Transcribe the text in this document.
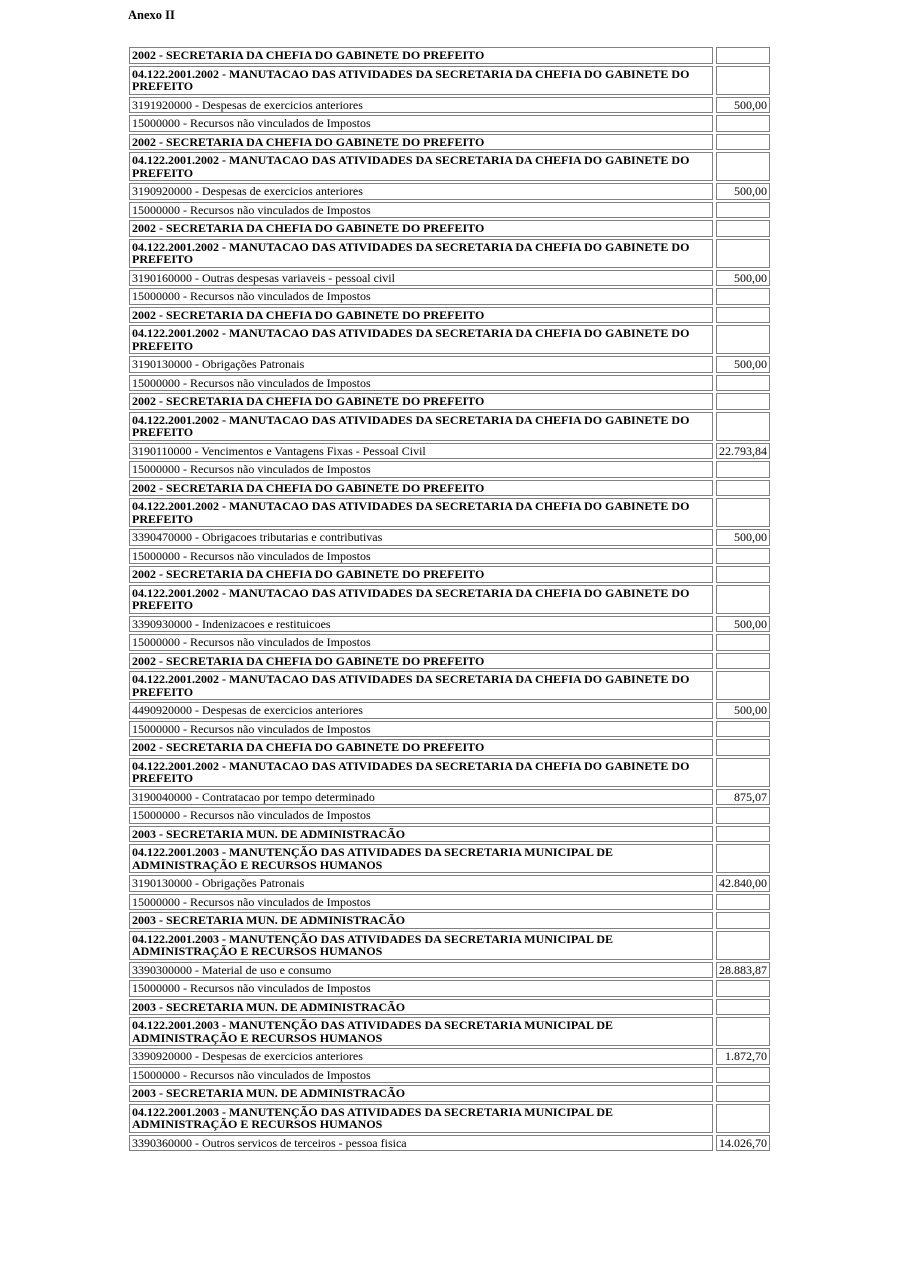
Anexo II
2002 - SECRETARIA DA CHEFIA DO GABINETE DO PREFEITO	
04.122.2001.2002 - MANUTACAO DAS ATIVIDADES DA SECRETARIA DA CHEFIA DO GABINETE DO PREFEITO	
3191920000 - Despesas de exercicios anteriores	500,00
15000000 - Recursos não vinculados de Impostos	
2002 - SECRETARIA DA CHEFIA DO GABINETE DO PREFEITO	
04.122.2001.2002 - MANUTACAO DAS ATIVIDADES DA SECRETARIA DA CHEFIA DO GABINETE DO PREFEITO	
3190920000 - Despesas de exercicios anteriores	500,00
15000000 - Recursos não vinculados de Impostos	
2002 - SECRETARIA DA CHEFIA DO GABINETE DO PREFEITO	
04.122.2001.2002 - MANUTACAO DAS ATIVIDADES DA SECRETARIA DA CHEFIA DO GABINETE DO PREFEITO	
3190160000 - Outras despesas variaveis - pessoal civil	500,00
15000000 - Recursos não vinculados de Impostos	
2002 - SECRETARIA DA CHEFIA DO GABINETE DO PREFEITO	
04.122.2001.2002 - MANUTACAO DAS ATIVIDADES DA SECRETARIA DA CHEFIA DO GABINETE DO PREFEITO	
3190130000 - Obrigações Patronais	500,00
15000000 - Recursos não vinculados de Impostos	
2002 - SECRETARIA DA CHEFIA DO GABINETE DO PREFEITO	
04.122.2001.2002 - MANUTACAO DAS ATIVIDADES DA SECRETARIA DA CHEFIA DO GABINETE DO PREFEITO	
3190110000 - Vencimentos e Vantagens Fixas - Pessoal Civil	22.793,84
15000000 - Recursos não vinculados de Impostos	
2002 - SECRETARIA DA CHEFIA DO GABINETE DO PREFEITO	
04.122.2001.2002 - MANUTACAO DAS ATIVIDADES DA SECRETARIA DA CHEFIA DO GABINETE DO PREFEITO	
3390470000 - Obrigacoes tributarias e contributivas	500,00
15000000 - Recursos não vinculados de Impostos	
2002 - SECRETARIA DA CHEFIA DO GABINETE DO PREFEITO	
04.122.2001.2002 - MANUTACAO DAS ATIVIDADES DA SECRETARIA DA CHEFIA DO GABINETE DO PREFEITO	
3390930000 - Indenizacoes e restituicoes	500,00
15000000 - Recursos não vinculados de Impostos	
2002 - SECRETARIA DA CHEFIA DO GABINETE DO PREFEITO	
04.122.2001.2002 - MANUTACAO DAS ATIVIDADES DA SECRETARIA DA CHEFIA DO GABINETE DO PREFEITO	
4490920000 - Despesas de exercicios anteriores	500,00
15000000 - Recursos não vinculados de Impostos	
2002 - SECRETARIA DA CHEFIA DO GABINETE DO PREFEITO	
04.122.2001.2002 - MANUTACAO DAS ATIVIDADES DA SECRETARIA DA CHEFIA DO GABINETE DO PREFEITO	
3190040000 - Contratacao por tempo determinado	875,07
15000000 - Recursos não vinculados de Impostos	
2003 - SECRETARIA MUN. DE ADMINISTRACÃO	
04.122.2001.2003 - MANUTENÇÃO DAS ATIVIDADES DA SECRETARIA MUNICIPAL DE ADMINISTRAÇÃO E RECURSOS HUMANOS	
3190130000 - Obrigações Patronais	42.840,00
15000000 - Recursos não vinculados de Impostos	
2003 - SECRETARIA MUN. DE ADMINISTRACÃO	
04.122.2001.2003 - MANUTENÇÃO DAS ATIVIDADES DA SECRETARIA MUNICIPAL DE ADMINISTRAÇÃO E RECURSOS HUMANOS	
3390300000 - Material de uso e consumo	28.883,87
15000000 - Recursos não vinculados de Impostos	
2003 - SECRETARIA MUN. DE ADMINISTRACÃO	
04.122.2001.2003 - MANUTENÇÃO DAS ATIVIDADES DA SECRETARIA MUNICIPAL DE ADMINISTRAÇÃO E RECURSOS HUMANOS	
3390920000 - Despesas de exercicios anteriores	1.872,70
15000000 - Recursos não vinculados de Impostos	
2003 - SECRETARIA MUN. DE ADMINISTRACÃO	
04.122.2001.2003 - MANUTENÇÃO DAS ATIVIDADES DA SECRETARIA MUNICIPAL DE ADMINISTRAÇÃO E RECURSOS HUMANOS	
3390360000 - Outros servicos de terceiros - pessoa fisica	14.026,70
